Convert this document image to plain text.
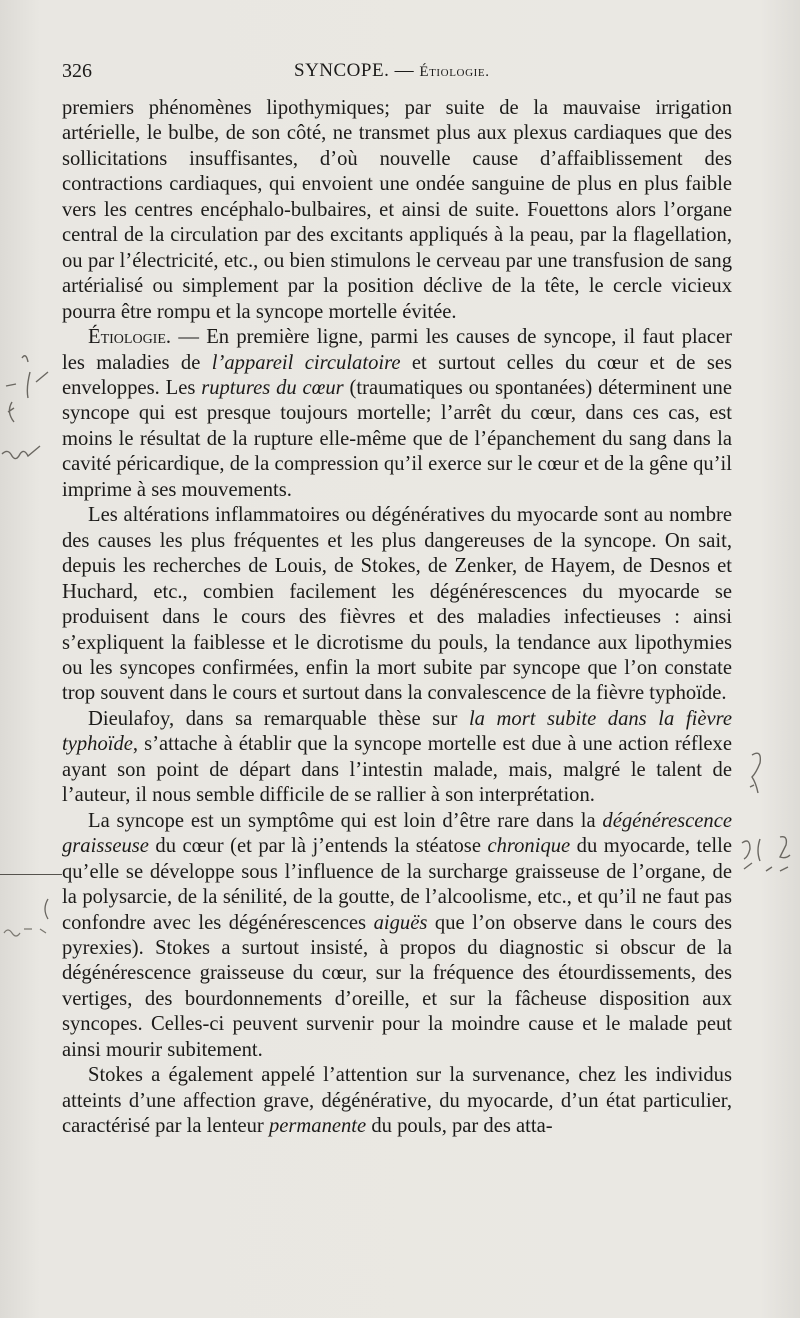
326	SYNCOPE. — Étiologie.

premiers phénomènes lipothymiques; par suite de la mauvaise irrigation artérielle, le bulbe, de son côté, ne transmet plus aux plexus cardiaques que des sollicitations insuffisantes, d’où nouvelle cause d’affaiblissement des contractions cardiaques, qui envoient une ondée sanguine de plus en plus faible vers les centres encéphalo-bulbaires, et ainsi de suite. Fouettons alors l’organe central de la circulation par des excitants appliqués à la peau, par la flagellation, ou par l’électricité, etc., ou bien stimulons le cerveau par une transfusion de sang artérialisé ou simplement par la position déclive de la tête, le cercle vicieux pourra être rompu et la syncope mortelle évitée.

Étiologie. — En première ligne, parmi les causes de syncope, il faut placer les maladies de l’appareil circulatoire et surtout celles du cœur et de ses enveloppes. Les ruptures du cœur (traumatiques ou spontanées) déterminent une syncope qui est presque toujours mortelle; l’arrêt du cœur, dans ces cas, est moins le résultat de la rupture elle-même que de l’épanchement du sang dans la cavité péricardique, de la compression qu’il exerce sur le cœur et de la gêne qu’il imprime à ses mouvements.

Les altérations inflammatoires ou dégénératives du myocarde sont au nombre des causes les plus fréquentes et les plus dangereuses de la syncope. On sait, depuis les recherches de Louis, de Stokes, de Zenker, de Hayem, de Desnos et Huchard, etc., combien facilement les dégénérescences du myocarde se produisent dans le cours des fièvres et des maladies infectieuses : ainsi s’expliquent la faiblesse et le dicrotisme du pouls, la tendance aux lipothymies ou les syncopes confirmées, enfin la mort subite par syncope que l’on constate trop souvent dans le cours et surtout dans la convalescence de la fièvre typhoïde.

Dieulafoy, dans sa remarquable thèse sur la mort subite dans la fièvre typhoïde, s’attache à établir que la syncope mortelle est due à une action réflexe ayant son point de départ dans l’intestin malade, mais, malgré le talent de l’auteur, il nous semble difficile de se rallier à son interprétation.

La syncope est un symptôme qui est loin d’être rare dans la dégénérescence graisseuse du cœur (et par là j’entends la stéatose chronique du myocarde, telle qu’elle se développe sous l’influence de la surcharge graisseuse de l’organe, de la polysarcie, de la sénilité, de la goutte, de l’alcoolisme, etc., et qu’il ne faut pas confondre avec les dégénérescences aiguës que l’on observe dans le cours des pyrexies). Stokes a surtout insisté, à propos du diagnostic si obscur de la dégénérescence graisseuse du cœur, sur la fréquence des étourdissements, des vertiges, des bourdonnements d’oreille, et sur la fâcheuse disposition aux syncopes. Celles-ci peuvent survenir pour la moindre cause et le malade peut ainsi mourir subitement.

Stokes a également appelé l’attention sur la survenance, chez les individus atteints d’une affection grave, dégénérative, du myocarde, d’un état particulier, caractérisé par la lenteur permanente du pouls, par des atta-
